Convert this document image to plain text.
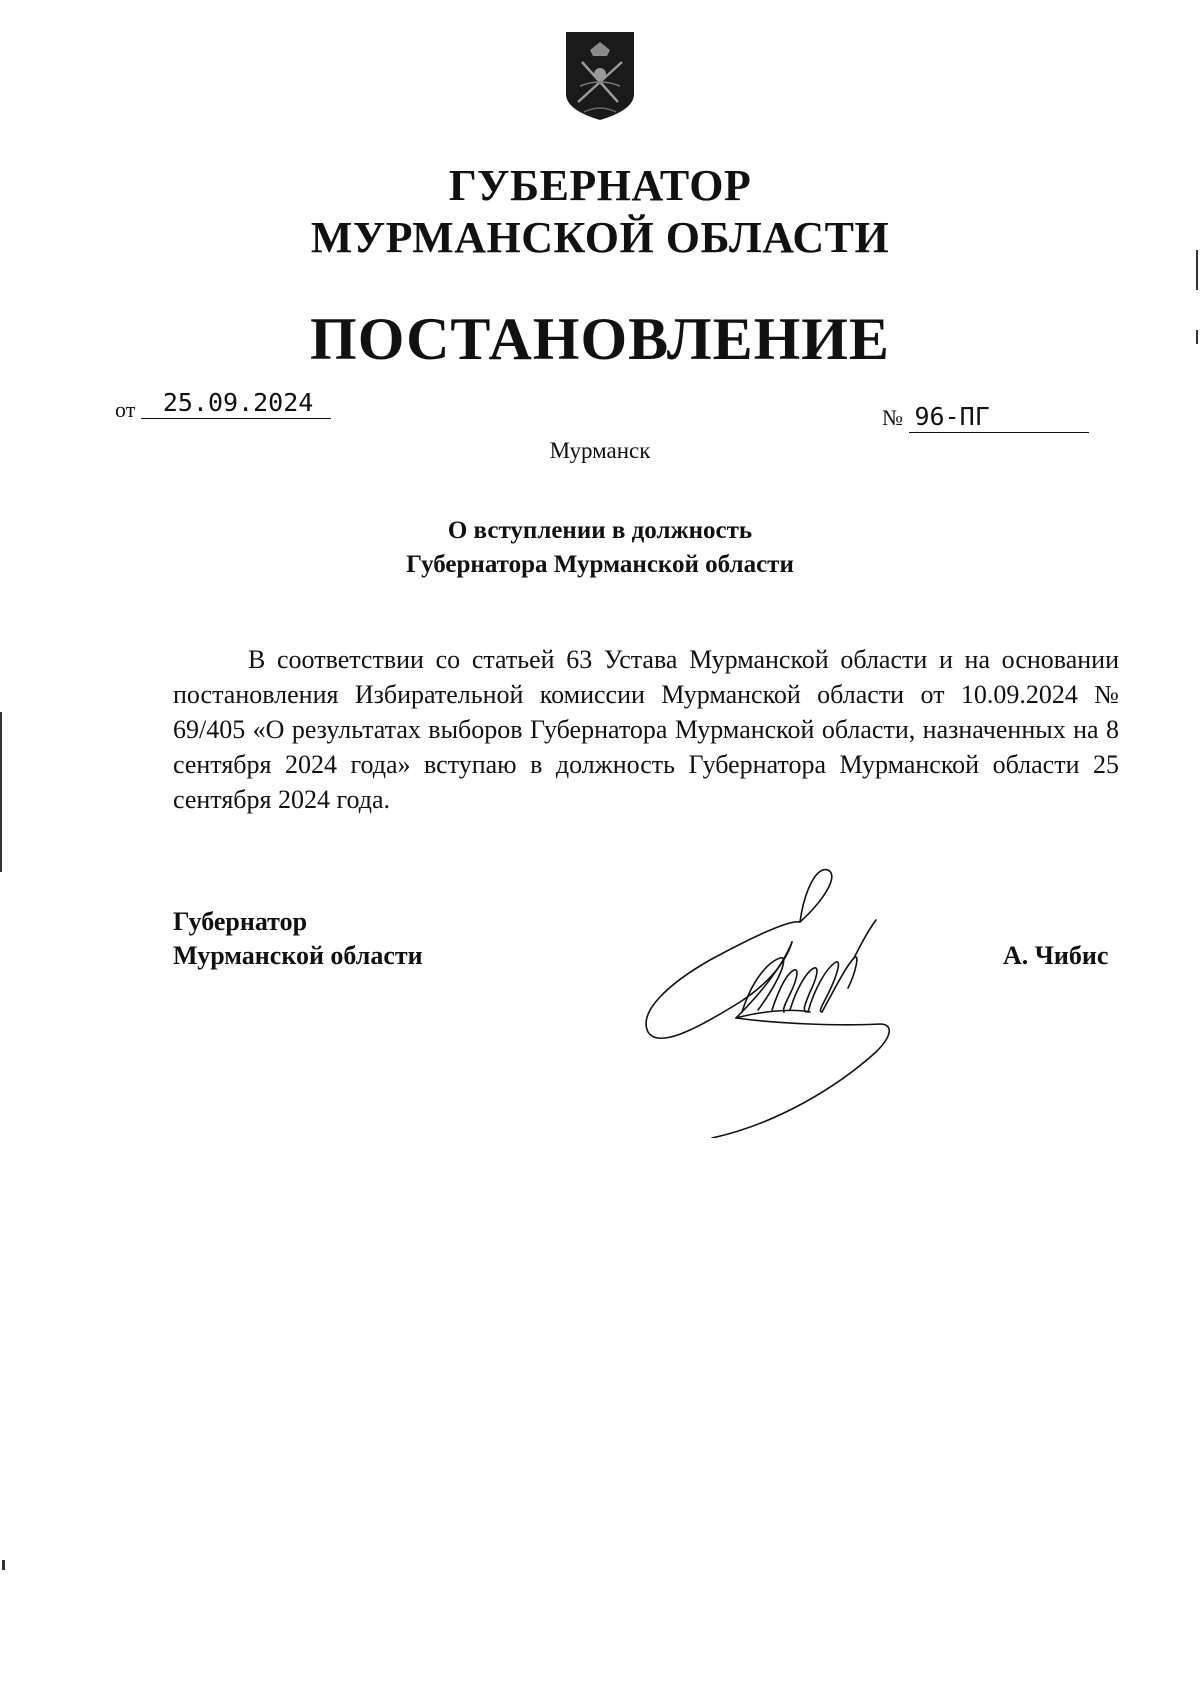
ГУБЕРНАТОР
МУРМАНСКОЙ ОБЛАСТИ
ПОСТАНОВЛЕНИЕ
от 25.09.2024
№ 96-ПГ
Мурманск
О вступлении в должность
Губернатора Мурманской области
В соответствии со статьей 63 Устава Мурманской области и на основании постановления Избирательной комиссии Мурманской области от 10.09.2024 № 69/405 «О результатах выборов Губернатора Мурманской области, назначенных на 8 сентября 2024 года» вступаю в должность Губернатора Мурманской области 25 сентября 2024 года.
Губернатор
Мурманской области	А. Чибис
